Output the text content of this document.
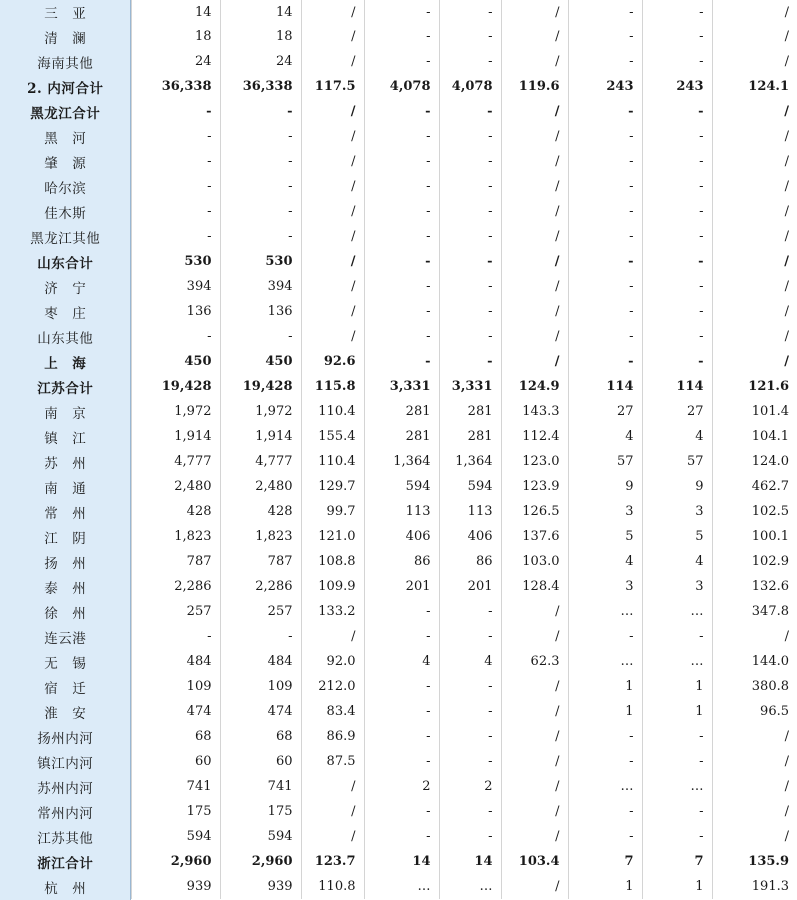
三　亚	14	14	/	-	-	/	-	-	/
清　澜	18	18	/	-	-	/	-	-	/
海南其他	24	24	/	-	-	/	-	-	/
2. 内河合计	36,338	36,338	117.5	4,078	4,078	119.6	243	243	124.1
黑龙江合计	-	-	/	-	-	/	-	-	/
黑　河	-	-	/	-	-	/	-	-	/
肇　源	-	-	/	-	-	/	-	-	/
哈尔滨	-	-	/	-	-	/	-	-	/
佳木斯	-	-	/	-	-	/	-	-	/
黑龙江其他	-	-	/	-	-	/	-	-	/
山东合计	530	530	/	-	-	/	-	-	/
济　宁	394	394	/	-	-	/	-	-	/
枣　庄	136	136	/	-	-	/	-	-	/
山东其他	-	-	/	-	-	/	-	-	/
上　海	450	450	92.6	-	-	/	-	-	/
江苏合计	19,428	19,428	115.8	3,331	3,331	124.9	114	114	121.6
南　京	1,972	1,972	110.4	281	281	143.3	27	27	101.4
镇　江	1,914	1,914	155.4	281	281	112.4	4	4	104.1
苏　州	4,777	4,777	110.4	1,364	1,364	123.0	57	57	124.0
南　通	2,480	2,480	129.7	594	594	123.9	9	9	462.7
常　州	428	428	99.7	113	113	126.5	3	3	102.5
江　阴	1,823	1,823	121.0	406	406	137.6	5	5	100.1
扬　州	787	787	108.8	86	86	103.0	4	4	102.9
泰　州	2,286	2,286	109.9	201	201	128.4	3	3	132.6
徐　州	257	257	133.2	-	-	/	…	…	347.8
连云港	-	-	/	-	-	/	-	-	/
无　锡	484	484	92.0	4	4	62.3	…	…	144.0
宿　迁	109	109	212.0	-	-	/	1	1	380.8
淮　安	474	474	83.4	-	-	/	1	1	96.5
扬州内河	68	68	86.9	-	-	/	-	-	/
镇江内河	60	60	87.5	-	-	/	-	-	/
苏州内河	741	741	/	2	2	/	…	…	/
常州内河	175	175	/	-	-	/	-	-	/
江苏其他	594	594	/	-	-	/	-	-	/
浙江合计	2,960	2,960	123.7	14	14	103.4	7	7	135.9
杭　州	939	939	110.8	…	…	/	1	1	191.3
